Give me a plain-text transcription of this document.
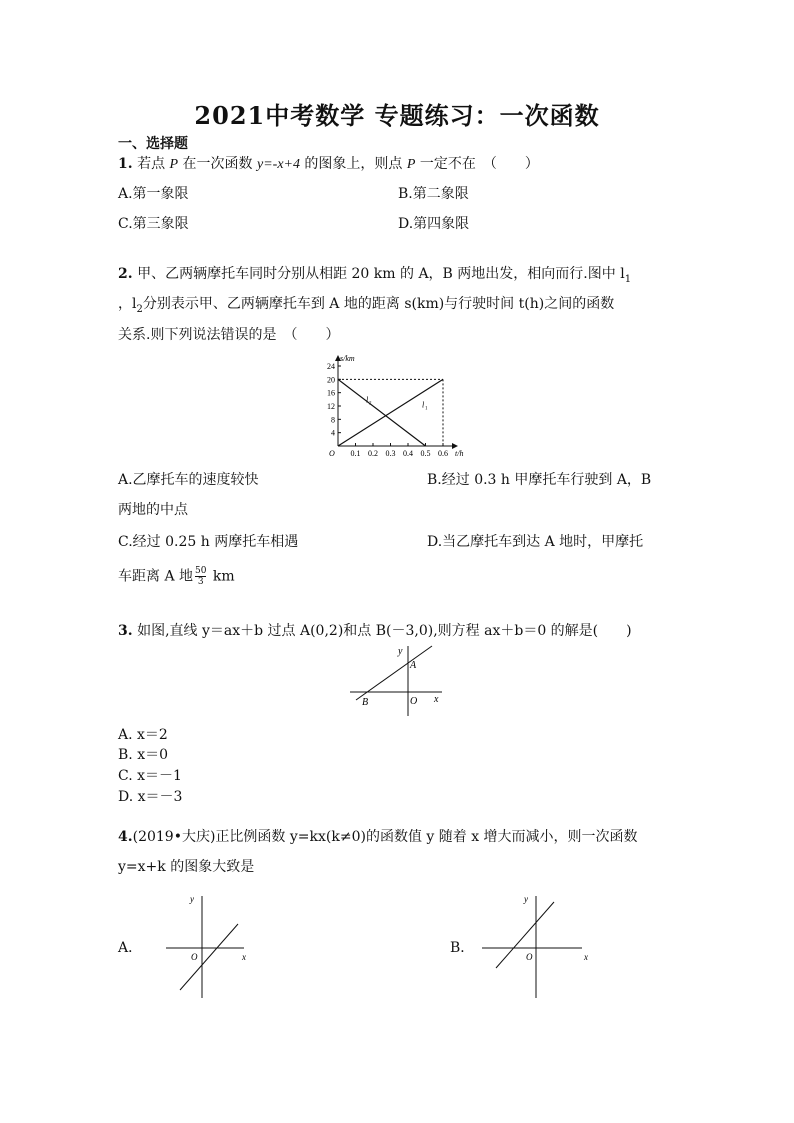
2021中考数学 专题练习：一次函数
一、选择题
1. 若点 P 在一次函数 y=-x+4 的图象上，则点 P 一定不在　（　　）
A.第一象限	B.第二象限
C.第三象限	D.第四象限
2. 甲、乙两辆摩托车同时分别从相距 20 km 的 A，B 两地出发，相向而行.图中 $l_1$
，$l_2$分别表示甲、乙两辆摩托车到 A 地的距离 s(km)与行驶时间 t(h)之间的函数
关系.则下列说法错误的是　（　　）
4
8
12
16
20
24
0.1 0.2 0.3 0.4 0.5 0.6
s/km
t/h
O
l 2	l 1
A.乙摩托车的速度较快	B.经过 0.3 h 甲摩托车行驶到 A，B
两地的中点
C.经过 0.25 h 两摩托车相遇	D.当乙摩托车到达 A 地时，甲摩托
车距离 A 地 $\frac{50}{3}$ km
3. 如图,直线 y＝ax＋b 过点 A(0,2)和点 B(－3,0),则方程 ax＋b＝0 的解是(　　)
y
x
A
B	O
A. x＝2
B. x＝0
C. x＝－1
D. x＝－3
4.(2019•大庆)正比例函数 y=kx(k≠0)的函数值 y 随着 x 增大而减小，则一次函数
y=x+k 的图象大致是
A．
y
x
O
B．
y
x
O
